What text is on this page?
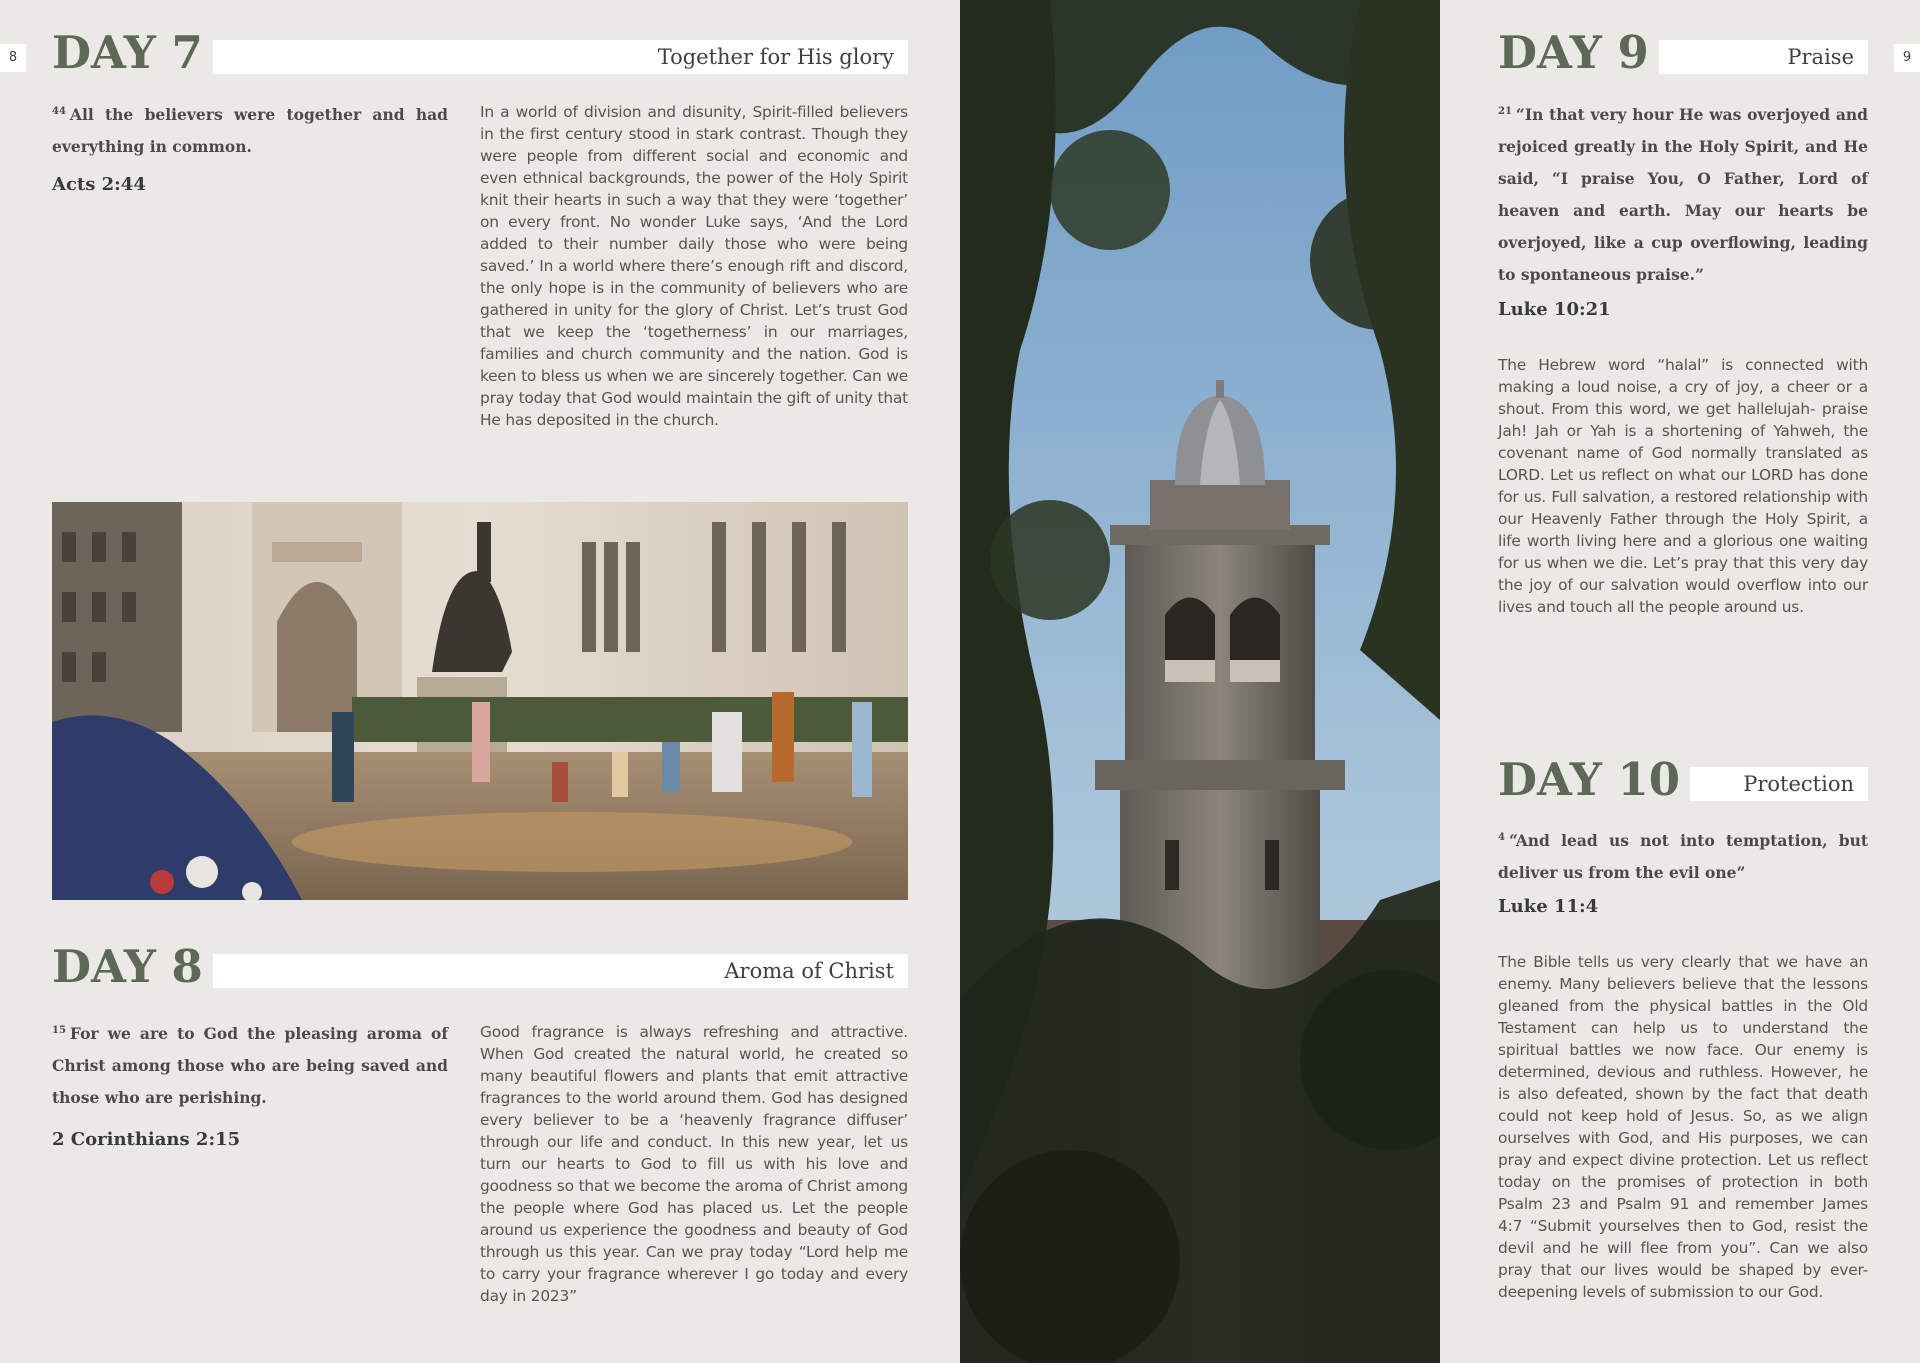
8 DAY 7	Together for His glory
$^{44}$ All the believers were together and had everything in common.
Acts 2:44
In a world of division and disunity, Spirit-filled believers in the first century stood in stark contrast. Though they were people from different social and economic and even ethnical backgrounds, the power of the Holy Spirit knit their hearts in such a way that they were ‘together’ on every front. No wonder Luke says, ‘And the Lord added to their number daily those who were being saved.’ In a world where there’s enough rift and discord, the only hope is in the community of believers who are gathered in unity for the glory of Christ. Let’s trust God that we keep the ‘togetherness’ in our marriages, families and church community and the nation. God is keen to bless us when we are sincerely together. Can we pray today that God would maintain the gift of unity that He has deposited in the church.
DAY 8	Aroma of Christ
$^{15}$ For we are to God the pleasing aroma of Christ among those who are being saved and those who are perishing.
2 Corinthians 2:15
Good fragrance is always refreshing and attractive. When God created the natural world, he created so many beautiful flowers and plants that emit attractive fragrances to the world around them. God has designed every believer to be a ‘heavenly fragrance diffuser’ through our life and conduct. In this new year, let us turn our hearts to God to fill us with his love and goodness so that we become the aroma of Christ among the people where God has placed us. Let the people around us experience the goodness and beauty of God through us this year. Can we pray today “Lord help me to carry your fragrance wherever I go today and every day in 2023”
9
DAY 9	Praise
$^{21}$ “In that very hour He was overjoyed and rejoiced greatly in the Holy Spirit, and He said, “I praise You, O Father, Lord of heaven and earth. May our hearts be overjoyed, like a cup overflowing, leading to spontaneous praise.”
Luke 10:21
The Hebrew word “halal” is connected with making a loud noise, a cry of joy, a cheer or a shout. From this word, we get hallelujah- praise Jah! Jah or Yah is a shortening of Yahweh, the covenant name of God normally translated as LORD. Let us reflect on what our LORD has done for us. Full salvation, a restored relationship with our Heavenly Father through the Holy Spirit, a life worth living here and a glorious one waiting for us when we die. Let’s pray that this very day the joy of our salvation would overflow into our lives and touch all the people around us.
DAY 10	Protection
$^4$ “And lead us not into temptation, but deliver us from the evil one”
Luke 11:4
The Bible tells us very clearly that we have an enemy. Many believers believe that the lessons gleaned from the physical battles in the Old Testament can help us to understand the spiritual battles we now face. Our enemy is determined, devious and ruthless. However, he is also defeated, shown by the fact that death could not keep hold of Jesus. So, as we align ourselves with God, and His purposes, we can pray and expect divine protection. Let us reflect today on the promises of protection in both Psalm 23 and Psalm 91 and remember James 4:7 “Submit yourselves then to God, resist the devil and he will flee from you”. Can we also pray that our lives would be shaped by ever-deepening levels of submission to our God.
